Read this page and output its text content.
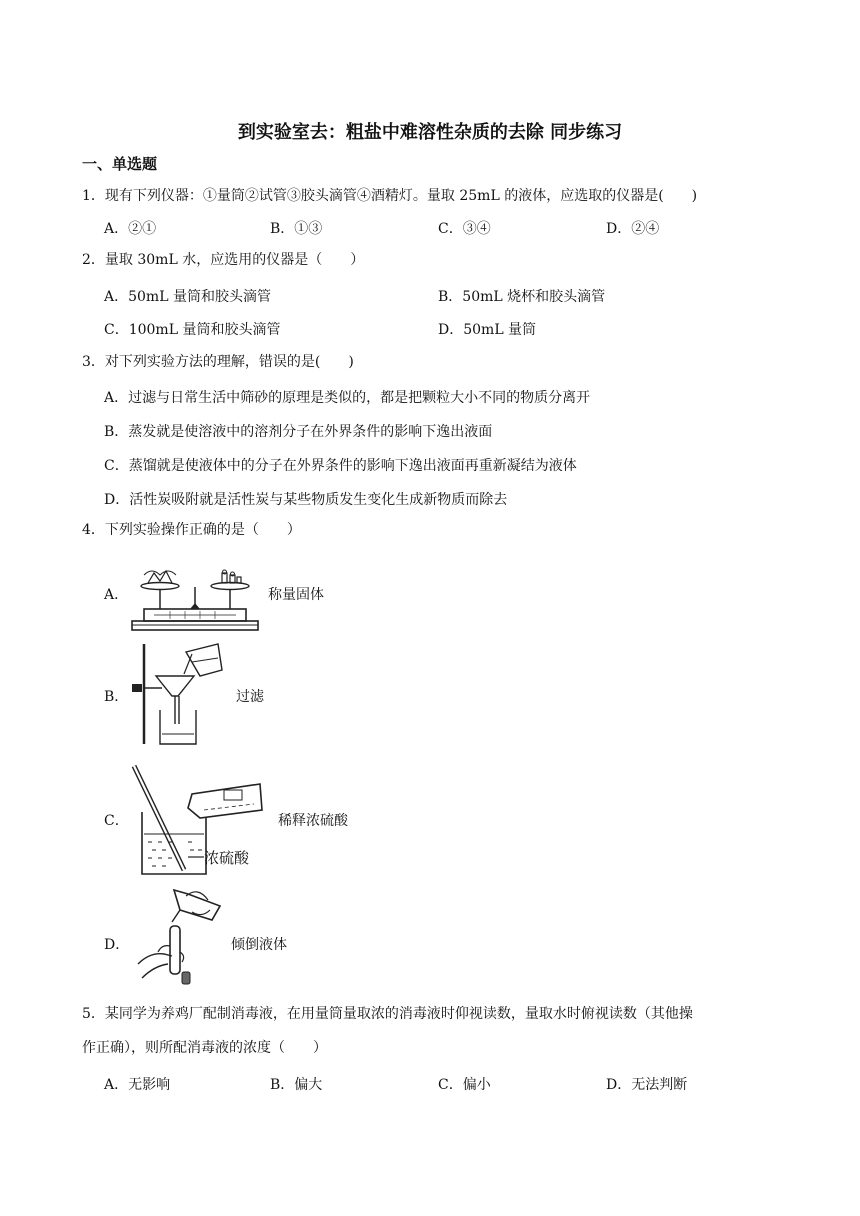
到实验室去：粗盐中难溶性杂质的去除 同步练习
一、单选题
1．现有下列仪器：①量筒②试管③胶头滴管④酒精灯。量取 25mL 的液体，应选取的仪器是(　　)
A．②①	B．①③	C．③④	D．②④
2．量取 30mL 水，应选用的仪器是（　　）
A．50mL 量筒和胶头滴管	B．50mL 烧杯和胶头滴管
C．100mL 量筒和胶头滴管	D．50mL 量筒
3．对下列实验方法的理解，错误的是(　　)
A．过滤与日常生活中筛砂的原理是类似的，都是把颗粒大小不同的物质分离开
B．蒸发就是使溶液中的溶剂分子在外界条件的影响下逸出液面
C．蒸馏就是使液体中的分子在外界条件的影响下逸出液面再重新凝结为液体
D．活性炭吸附就是活性炭与某些物质发生变化生成新物质而除去
4．下列实验操作正确的是（　　）
A．	称量固体
B．	过滤
C．
浓硫酸
稀释浓硫酸
D．	倾倒液体
5．某同学为养鸡厂配制消毒液，在用量筒量取浓的消毒液时仰视读数，量取水时俯视读数（其他操
作正确），则所配消毒液的浓度（　　）
A．无影响	B．偏大	C．偏小	D．无法判断
